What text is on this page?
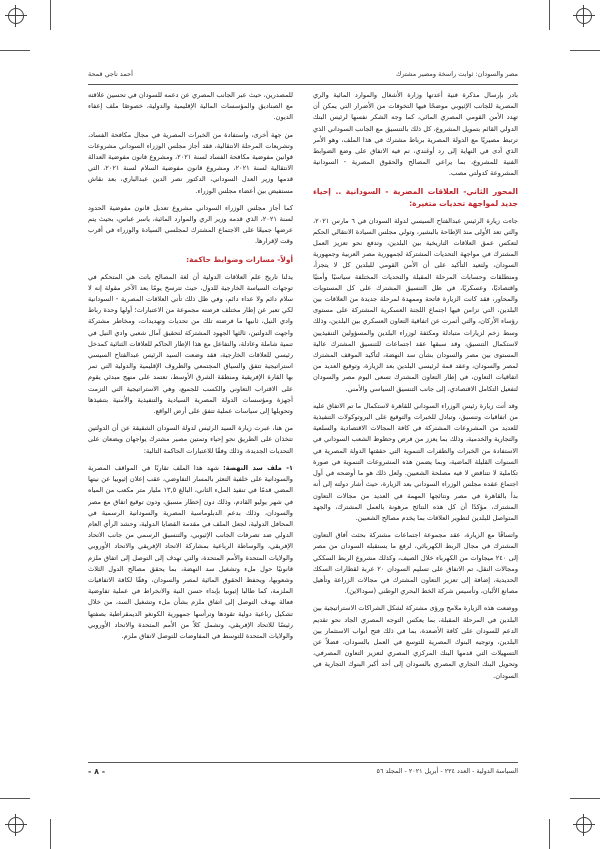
مصر والسودان: ثوابت راسخة ومصير مشترك
أحمد ناجي قمحة

بادر بإرسال مذكرة فنية أعدتها وزارة الأشغال والموارد المائية والري المصرية للجانب الإثيوبي موضحًا فيها التخوفات من الأضرار التي يمكن أن تهدد الأمن القومي المصري المائي، كما وجه الشكر نفسها لرئيس البنك الدولي القائم بتمويل المشروع، كل ذلك بالتنسيق مع الجانب السوداني الذي ترتبط مصيريًا مع الدولة المصرية برباط مشترك في هذا الملف، وهو الأمر الذي أدى في النهاية إلى رد أوغندي، تم فيه الاتفاق على وضع الضوابط الفنية للمشروع، بما يراعي المصالح والحقوق المصرية - السودانية المشروعة كدولتي مصب.

المحور الثاني- العلاقات المصرية - السودانية .. إحياء جديد لمواجهة تحديات متغيرة:

جاءت زيارة الرئيس عبدالفتاح السيسي لدولة السودان في ٦ مارس ٢٠٢١، والتي تعد الأولى منذ الإطاحة بالبشير، وتولي مجلس السيادة الانتقالي الحكم لتعكس عمق العلاقات التاريخية بين البلدين، وتدفع نحو تعزيز العمل المشترك في مواجهة التحديات المشتركة لجمهورية مصر العربية وجمهورية السودان، ولتعيد التأكيد على أن الأمن القومي للبلدين كل لا يتجزأ، ومنطلقات وحسابات المرحلة المقبلة والتحديات المختلفة سياسيًا وأمنيًا واقتصاديًا، وعسكريًا، في ظل التنسيق المشترك على كل المستويات والمحاور، فقد كانت الزيارة فاتحة وممهدة لمرحلة جديدة من العلاقات بين البلدين، التي تزامن فيها اجتماع اللجنة العسكرية المشتركة على مستوى رؤساء الأركان، والتي أثمرت عن اتفاقية التعاون العسكري بين البلدين، وذلك وسط زخم لزيارات متبادلة ومكثفة لوزراء البلدين والمسؤولين التنفيذيين لاستكمال التنسيق، وقد سبقها عقد اجتماعات للتنسيق المشترك عالية المستوى بين مصر والسودان بشأن سد النهضة، لتأكيد الموقف المشترك لمصر والسودان، وعقد قمة لرئيسي البلدين بعد الزيارة، وتوقيع العديد من اتفاقيات التعاون، في إطار التعاون المشترك تسعى اليوم مصر والسودان لتفعيل التكامل الاقتصادي، إلى جانب التنسيق السياسي والأمني.

وقد أتت زيارة رئيس الوزراء السوداني للقاهرة لاستكمال ما تم الاتفاق عليه من اتفاقيات وتنسيق، وتبادل للخبرات والتوقيع على البروتوكولات التنفيذية للعديد من المشروعات المشتركة في كافة المجالات الاقتصادية والسلعية والتجارية والخدمية، وذلك بما يعزز من فرص وحظوظ الشعب السوداني في الاستفادة من الخبرات والطفرات التنموية التي حققتها الدولة المصرية في السنوات القليلة الماضية، وبما يضمن هذه المشروعات التنموية في صورة تكاملية لا تتناقض لا فيه مصلحة الشعبين. ولعل ذلك هو ما أوضحه في أول اجتماع عقده مجلس الوزراء السوداني بعد الزيارة، حيث أشار دولته إلى أنه بدأ بالقاهرة في مصر ونتائجها المهمة في العديد من مجالات التعاون المشترك، مؤكدًا أن كل هذه النتائج مرهونة بالعمل المشترك، والجهد المتواصل للبلدين لتطوير العلاقات بما يخدم مصالح الشعبين.

واتساقًا مع الزيارة، عقد مجموعة اجتماعات مشتركة بحثت آفاق التعاون المشترك في مجال الربط الكهربائي، لرفع ما يستقبله السودان من مصر إلى ٢٤٠ ميجاوات من الكهرباء خلال الصيف، وكذلك مشروع الربط السككي ومجالات النقل، تم الاتفاق على تسليم السودان ٢٠ عربة لقطارات السكك الحديدية، إضافة إلى تعزيز التعاون المشترك في مجالات الزراعة وتأهيل مصانع الألبان، وتأسيس شركة الخط البحري الوطني (سودالاين).

ووضعت هذه الزيارة ملامح ورؤى مشتركة لشكل الشراكات الاستراتيجية بين البلدين في المرحلة المقبلة، بما يعكس التوجه المصري الجاد نحو تقديم الدعم للسودان على كافة الأصعدة، بما في ذلك فتح أبواب الاستثمار بين البلدين، وتوجيه البنوك المصرية للتوسع في العمل بالسودان، فضلاً عن التسهيلات التي قدمها البنك المركزي المصري لتعزيز التعاون المصرفي، وتحويل البنك التجاري المصري بالسودان إلى أحد أكبر البنوك التجارية في السودان.

للمصدرين، حيث عبر الجانب المصري عن دعمه للسودان في تحسين علاقته مع الصناديق والمؤسسات المالية الإقليمية والدولية، خصوصًا ملف إعفاء الديون.

من جهة أخرى، واستفادة من الخبرات المصرية في مجال مكافحة الفساد، وتشريعات المرحلة الانتقالية، فقد أجاز مجلس الوزراء السوداني مشروعات قوانين مفوضية مكافحة الفساد لسنة ٢٠٢١، ومشروع قانون مفوضية العدالة الانتقالية لسنة ٢٠٢١، ومشروع قانون مفوضية السلام لسنة ٢٠٢١، التي قدمها وزير العدل السوداني، الدكتور نصر الدين عبدالباري، بعد نقاش مستفيض بين أعضاء مجلس الوزراء.

كما أجاز مجلس الوزراء السوداني مشروع تعديل قانون مفوضية الحدود لسنة ٢٠٢١، الذي قدمه وزير الري والموارد المائية، ياسر عباس، بحيث يتم عرضها جميعًا على الاجتماع المشترك لمجلسي السيادة والوزراء في أقرب وقت لإقرارها.

أولاً- مسارات وضوابط حاكمة:

يدلنا تاريخ علم العلاقات الدولية أن لغة المصالح باتت هي المتحكم في توجهات السياسة الخارجية للدول، حيث تترسخ يومًا بعد الآخر مقولة إنه لا سلام دائم ولا عداء دائم، وفي ظل ذلك تأتي العلاقات المصرية - السودانية لكي تعبر عن إطار مختلف فرضته مجموعة من الاعتبارات؛ أولها وحدة رباط وادي النيل، ثانيها ما فرضته تلك من تحديات وتهديدات، ومخاطر مشتركة واجهت الدولتين، ثالثها الجهود المشتركة لتحقيق آمال شعبي وادي النيل في تنمية شاملة وعادلة، والتفاعل مع هذا الإطار الحاكم للعلاقات الثنائية كمدخل رئيسي للعلاقات الخارجية، فقد وضعت السيد الرئيس عبدالفتاح السيسي استراتيجية تتفق والسياق المجتمعي والظروف الإقليمية والدولية التي تمر بها القارة الإفريقية ومنطقة الشرق الأوسط، تعتمد على منهج مبدئي يقوم على الاقتراب التعاوني والكسب للجميع، وهي الاستراتيجية التي التزمت أجهزة ومؤسسات الدولة المصرية السيادية والتنفيذية والأمنية بتنفيذها وتحويلها إلى سياسات عملية تتفق على أرض الواقع.

من هنا، عبرت زيارة السيد الرئيس لدولة السودان الشقيقة عن أن الدولتين تتخذان على الطريق نحو إحياء وتمتين مصير مشترك يواجهان ويضعان على التحديات الجديدة، وذلك وفقًا للاعتبارات الحاكمة التالية:

١- ملف سد النهضة: شهد هذا الملف تقاربًا في المواقف المصرية والسودانية على خلفية التعثر بالمسار التفاوضي، عقب إعلان إثيوبيا عن نيتها المضي قدمًا في تنفيذ الملء الثاني، البالغ ١٣,٥ مليار متر مكعب من المياه في شهر يوليو القادم، وذلك دون إخطار مسبق، ودون توقيع اتفاق مع مصر والسودان، وذلك بدعم الدبلوماسية المصرية والسودانية الرسمية في المحافل الدولية، لجعل الملف في مقدمة القضايا الدولية، وحشد الرأي العام الدولي ضد تصرفات الجانب الإثيوبي، والتنسيق الرسمي من جانب الاتحاد الإفريقي، والوساطة الرباعية بمشاركة الاتحاد الإفريقي والاتحاد الأوروبي والولايات المتحدة والأمم المتحدة، والتي تهدف إلى التوصل إلى اتفاق ملزم قانونيًا حول ملء وتشغيل سد النهضة، بما يحقق مصالح الدول الثلاث وشعوبها، ويحفظ الحقوق المائية لمصر والسودان، وفقًا لكافة الاتفاقيات الملزمة، كما طالبا إثيوبيا بإبداء حسن النية والانخراط في عملية تفاوضية فعالة بهدف التوصل إلى اتفاق ملزم بشأن ملء وتشغيل السد، من خلال تشكيل رباعية دولية تقودها وترأسها جمهورية الكونغو الديمقراطية بصفتها رئيسًا للاتحاد الإفريقي، وتشمل كلاً من الأمم المتحدة والاتحاد الأوروبي والولايات المتحدة للتوسط في المفاوضات للتوصل لاتفاق ملزم.

السياسة الدولية - العدد ٢٢٤ - أبريل ٢٠٢١ - المجلد ٥٦
- ٨ -
